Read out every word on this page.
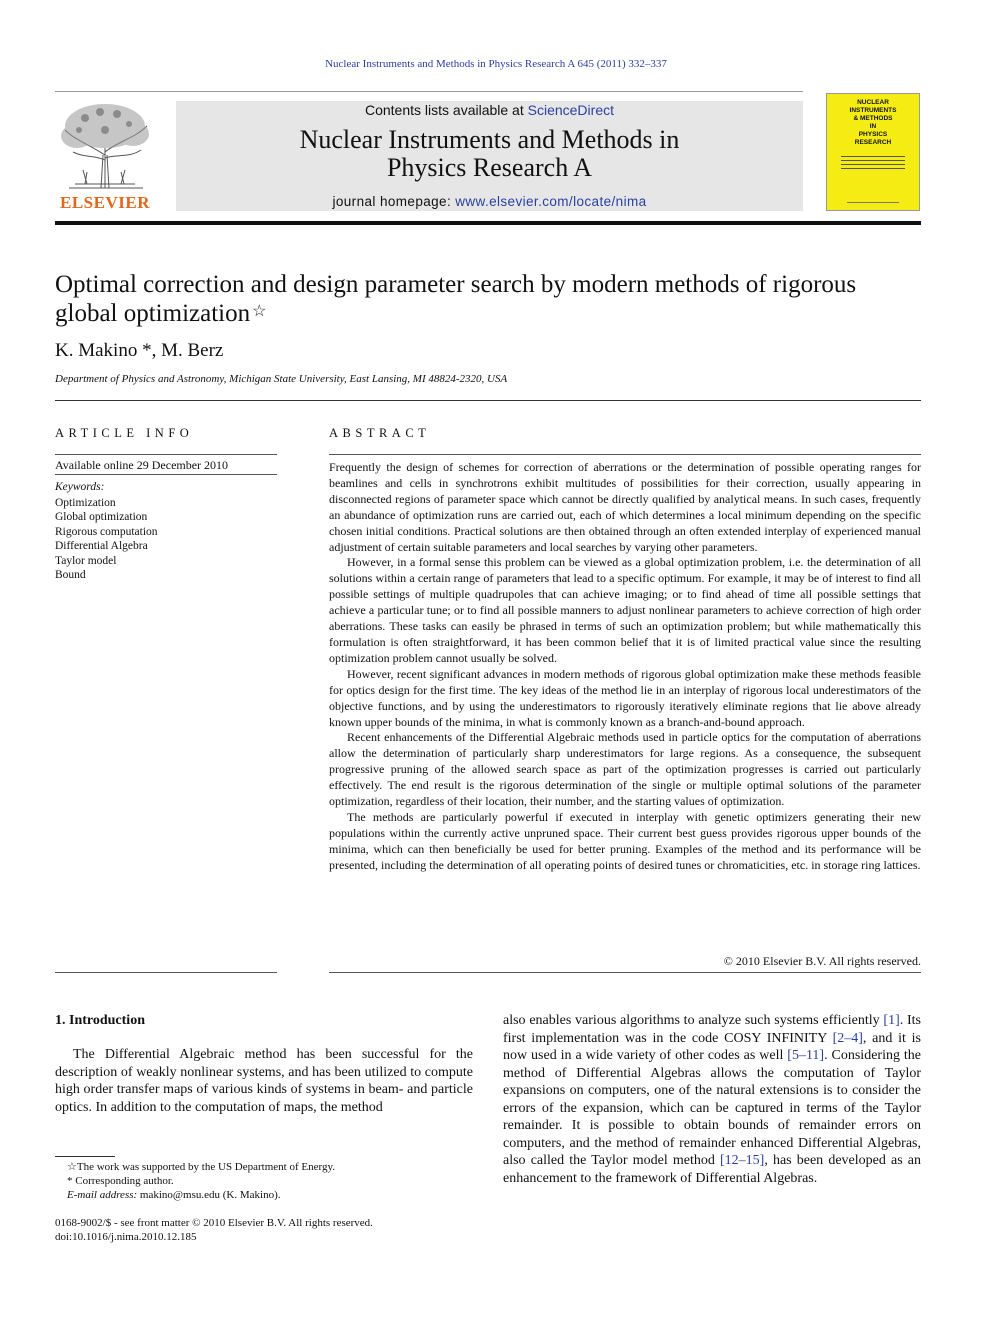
Nuclear Instruments and Methods in Physics Research A 645 (2011) 332–337
ELSEVIER
Contents lists available at ScienceDirect
Nuclear Instruments and Methods in
Physics Research A
journal homepage: www.elsevier.com/locate/nima
NUCLEAR
INSTRUMENTS
& METHODS
IN
PHYSICS
RESEARCH
Optimal correction and design parameter search by modern methods of rigorous global optimization ☆
K. Makino *, M. Berz
Department of Physics and Astronomy, Michigan State University, East Lansing, MI 48824-2320, USA
ARTICLE INFO
Available online 29 December 2010
Keywords:
Optimization
Global optimization
Rigorous computation
Differential Algebra
Taylor model
Bound
ABSTRACT

Frequently the design of schemes for correction of aberrations or the determination of possible operating ranges for beamlines and cells in synchrotrons exhibit multitudes of possibilities for their correction, usually appearing in disconnected regions of parameter space which cannot be directly qualified by analytical means. In such cases, frequently an abundance of optimization runs are carried out, each of which determines a local minimum depending on the specific chosen initial conditions. Practical solutions are then obtained through an often extended interplay of experienced manual adjustment of certain suitable parameters and local searches by varying other parameters.

However, in a formal sense this problem can be viewed as a global optimization problem, i.e. the determination of all solutions within a certain range of parameters that lead to a specific optimum. For example, it may be of interest to find all possible settings of multiple quadrupoles that can achieve imaging; or to find ahead of time all possible settings that achieve a particular tune; or to find all possible manners to adjust nonlinear parameters to achieve correction of high order aberrations. These tasks can easily be phrased in terms of such an optimization problem; but while mathematically this formulation is often straightforward, it has been common belief that it is of limited practical value since the resulting optimization problem cannot usually be solved.

However, recent significant advances in modern methods of rigorous global optimization make these methods feasible for optics design for the first time. The key ideas of the method lie in an interplay of rigorous local underestimators of the objective functions, and by using the underestimators to rigorously iteratively eliminate regions that lie above already known upper bounds of the minima, in what is commonly known as a branch-and-bound approach.

Recent enhancements of the Differential Algebraic methods used in particle optics for the computation of aberrations allow the determination of particularly sharp underestimators for large regions. As a consequence, the subsequent progressive pruning of the allowed search space as part of the optimization progresses is carried out particularly effectively. The end result is the rigorous determination of the single or multiple optimal solutions of the parameter optimization, regardless of their location, their number, and the starting values of optimization.

The methods are particularly powerful if executed in interplay with genetic optimizers generating their new populations within the currently active unpruned space. Their current best guess provides rigorous upper bounds of the minima, which can then beneficially be used for better pruning. Examples of the method and its performance will be presented, including the determination of all operating points of desired tunes or chromaticities, etc. in storage ring lattices.

© 2010 Elsevier B.V. All rights reserved.
1. Introduction
The Differential Algebraic method has been successful for the description of weakly nonlinear systems, and has been utilized to compute high order transfer maps of various kinds of systems in beam- and particle optics. In addition to the computation of maps, the method
also enables various algorithms to analyze such systems efficiently [1]. Its first implementation was in the code COSY INFINITY [2–4], and it is now used in a wide variety of other codes as well [5–11]. Considering the method of Differential Algebras allows the computation of Taylor expansions on computers, one of the natural extensions is to consider the errors of the expansion, which can be captured in terms of the Taylor remainder. It is possible to obtain bounds of remainder errors on computers, and the method of remainder enhanced Differential Algebras, also called the Taylor model method [12–15], has been developed as an enhancement to the framework of Differential Algebras.
☆The work was supported by the US Department of Energy.
* Corresponding author.
E-mail address: makino@msu.edu (K. Makino).
0168-9002/$ - see front matter © 2010 Elsevier B.V. All rights reserved.
doi:10.1016/j.nima.2010.12.185
